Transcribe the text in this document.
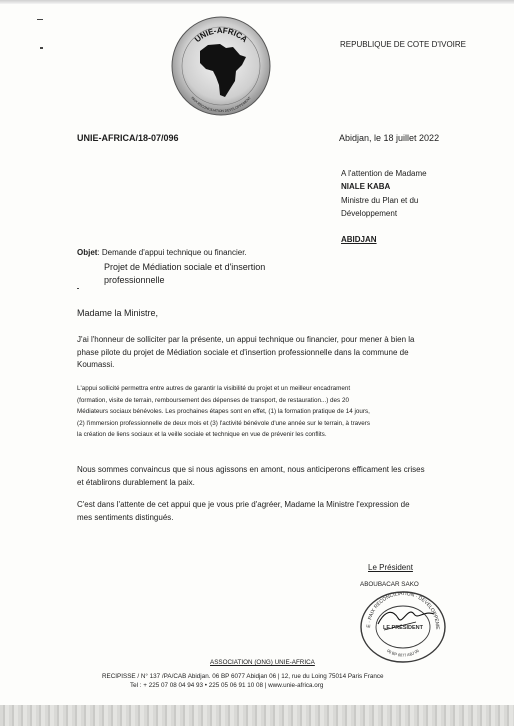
UNIE-AFRICA
PAIX RECONCILIATION DEVELOPPEMENT
REPUBLIQUE DE COTE D'IVOIRE
UNIE-AFRICA/18-07/096	Abidjan, le 18 juillet 2022
A l'attention de Madame
NIALE KABA
Ministre du Plan et du
Développement
ABIDJAN
Objet: Demande d'appui technique ou financier.
Projet de Médiation sociale et d'insertion
professionnelle
Madame la Ministre,
J'ai l'honneur de solliciter par la présente, un appui technique ou financier, pour mener à bien la
phase pilote du projet de Médiation sociale et d'insertion professionnelle dans la commune de
Koumassi.
L'appui sollicité permettra entre autres de garantir la visibilité du projet et un meilleur encadrament
(formation, visite de terrain, remboursement des dépenses de transport, de restauration...) des 20
Médiateurs sociaux bénévoles. Les prochaines étapes sont en effet, (1) la formation pratique de 14 jours,
(2) l'immersion professionnelle de deux mois et (3) l'activité bénévole d'une année sur le terrain, à travers
la création de liens sociaux et la veille sociale et technique en vue de prévenir les conflits.
Nous sommes convaincus que si nous agissons en amont, nous anticiperons efficament les crises
et établirons durablement la paix.
C'est dans l'attente de cet appui que je vous prie d'agréer, Madame la Ministre l'expression de
mes sentiments distingués.
Le Président
ABOUBACAR SAKO
E · PAIX RECONCILIATION · DEVELOPPEME
LE PRÉSIDENT
06 BP 6077 ABJ 06
ASSOCIATION (ONG) UNIE-AFRICA
RECIPISSE / N° 137 /PA/CAB Abidjan. 06 BP 6077 Abidjan 06 | 12, rue du Loing 75014 Paris France
Tel : + 225 07 08 04 94 93 • 225 05 06 91 10 08 | www.unie-africa.org
